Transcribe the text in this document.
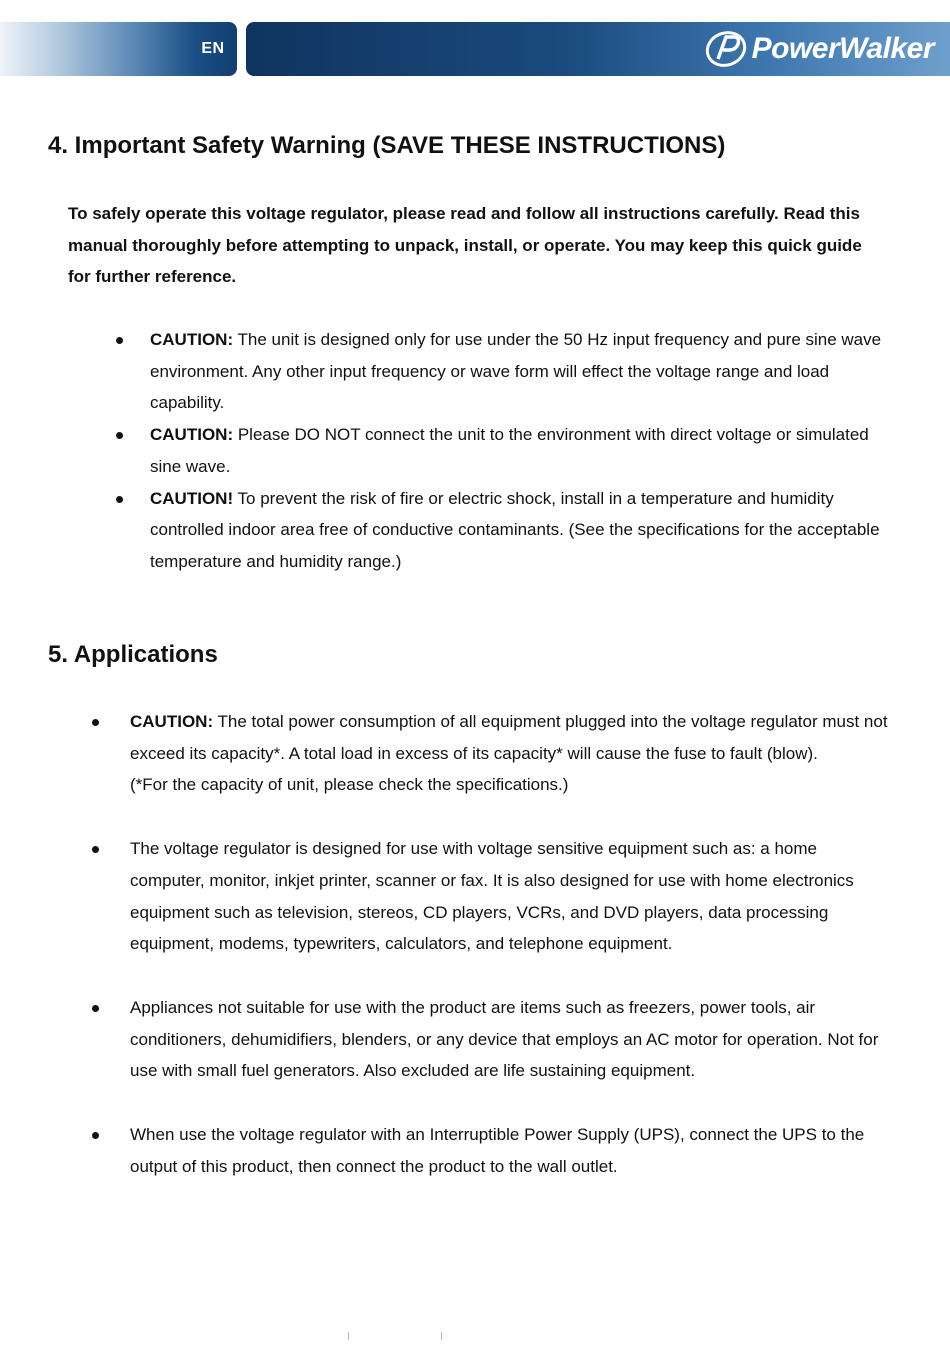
EN	PowerWalker
4. Important Safety Warning (SAVE THESE INSTRUCTIONS)

To safely operate this voltage regulator, please read and follow all instructions carefully. Read this manual thoroughly before attempting to unpack, install, or operate. You may keep this quick guide for further reference.

CAUTION: The unit is designed only for use under the 50 Hz input frequency and pure sine wave environment. Any other input frequency or wave form will effect the voltage range and load capability.
CAUTION: Please DO NOT connect the unit to the environment with direct voltage or simulated sine wave.
CAUTION! To prevent the risk of fire or electric shock, install in a temperature and humidity controlled indoor area free of conductive contaminants. (See the specifications for the acceptable temperature and humidity range.)
5. Applications
CAUTION: The total power consumption of all equipment plugged into the voltage regulator must not exceed its capacity*. A total load in excess of its capacity* will cause the fuse to fault (blow).
(*For the capacity of unit, please check the specifications.)
The voltage regulator is designed for use with voltage sensitive equipment such as: a home computer, monitor, inkjet printer, scanner or fax. It is also designed for use with home electronics equipment such as television, stereos, CD players, VCRs, and DVD players, data processing equipment, modems, typewriters, calculators, and telephone equipment.
Appliances not suitable for use with the product are items such as freezers, power tools, air conditioners, dehumidifiers, blenders, or any device that employs an AC motor for operation. Not for use with small fuel generators. Also excluded are life sustaining equipment.
When use the voltage regulator with an Interruptible Power Supply (UPS), connect the UPS to the output of this product, then connect the product to the wall outlet.
